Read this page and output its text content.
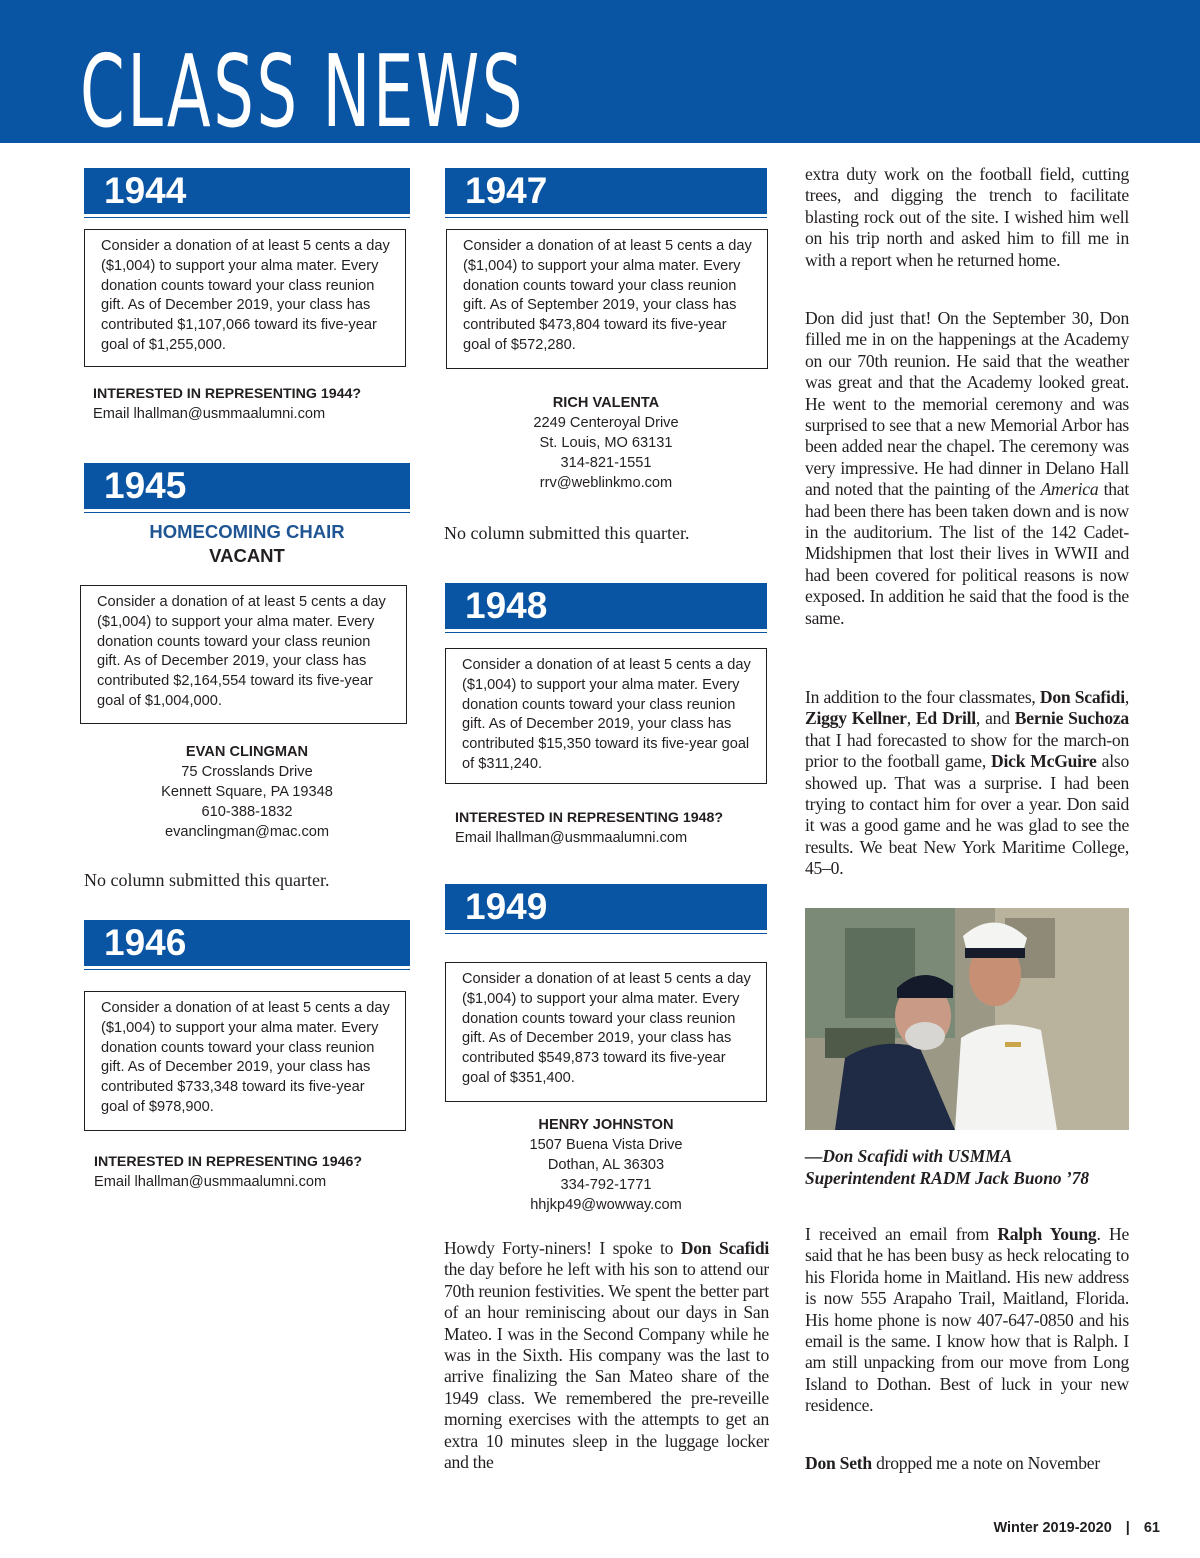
CLASS NEWS
1944
Consider a donation of at least 5 cents a day ($1,004) to support your alma mater. Every donation counts toward your class reunion gift. As of December 2019, your class has contributed $1,107,066 toward its five-year goal of $1,255,000.
INTERESTED IN REPRESENTING 1944?
Email lhallman@usmmaalumni.com
1945
HOMECOMING CHAIR
VACANT
Consider a donation of at least 5 cents a day ($1,004) to support your alma mater. Every donation counts toward your class reunion gift. As of December 2019, your class has contributed $2,164,554 toward its five-year goal of $1,004,000.
EVAN CLINGMAN
75 Crosslands Drive
Kennett Square, PA 19348
610-388-1832
evanclingman@mac.com
No column submitted this quarter.
1946
Consider a donation of at least 5 cents a day ($1,004) to support your alma mater. Every donation counts toward your class reunion gift. As of December 2019, your class has contributed $733,348 toward its five-year goal of $978,900.
INTERESTED IN REPRESENTING 1946?
Email lhallman@usmmaalumni.com
1947
Consider a donation of at least 5 cents a day ($1,004) to support your alma mater. Every donation counts toward your class reunion gift. As of September 2019, your class has contributed $473,804 toward its five-year goal of $572,280.
RICH VALENTA
2249 Centeroyal Drive
St. Louis, MO 63131
314-821-1551
rrv@weblinkmo.com
No column submitted this quarter.
1948
Consider a donation of at least 5 cents a day ($1,004) to support your alma mater. Every donation counts toward your class reunion gift. As of December 2019, your class has contributed $15,350 toward its five-year goal of $311,240.
INTERESTED IN REPRESENTING 1948?
Email lhallman@usmmaalumni.com
1949
Consider a donation of at least 5 cents a day ($1,004) to support your alma mater. Every donation counts toward your class reunion gift. As of December 2019, your class has contributed $549,873 toward its five-year goal of $351,400.
HENRY JOHNSTON
1507 Buena Vista Drive
Dothan, AL 36303
334-792-1771
hhjkp49@wowway.com

Howdy Forty-niners! I spoke to Don Scafidi the day before he left with his son to attend our 70th reunion festivities. We spent the better part of an hour reminiscing about our days in San Mateo. I was in the Second Company while he was in the Sixth. His company was the last to arrive finalizing the San Mateo share of the 1949 class. We remembered the pre-reveille morning exercises with the attempts to get an extra 10 minutes sleep in the luggage locker and the

extra duty work on the football field, cutting trees, and digging the trench to facilitate blasting rock out of the site. I wished him well on his trip north and asked him to fill me in with a report when he returned home.

Don did just that! On the September 30, Don filled me in on the happenings at the Academy on our 70th reunion. He said that the weather was great and that the Academy looked great. He went to the memorial ceremony and was surprised to see that a new Memorial Arbor has been added near the chapel. The ceremony was very impressive. He had dinner in Delano Hall and noted that the painting of the America that had been there has been taken down and is now in the auditorium. The list of the 142 Cadet-Midshipmen that lost their lives in WWII and had been covered for political reasons is now exposed. In addition he said that the food is the same.

In addition to the four classmates, Don Scafidi, Ziggy Kellner, Ed Drill, and Bernie Suchoza that I had forecasted to show for the march-on prior to the football game, Dick McGuire also showed up. That was a surprise. I had been trying to contact him for over a year. Don said it was a good game and he was glad to see the results. We beat New York Maritime College, 45–0.

—Don Scafidi with USMMA Superintendent RADM Jack Buono ’78

I received an email from Ralph Young. He said that he has been busy as heck relocating to his Florida home in Maitland. His new address is now 555 Arapaho Trail, Maitland, Florida. His home phone is now 407-647-0850 and his email is the same. I know how that is Ralph. I am still unpacking from our move from Long Island to Dothan. Best of luck in your new residence.

Don Seth dropped me a note on November

Winter 2019-2020 | 61
